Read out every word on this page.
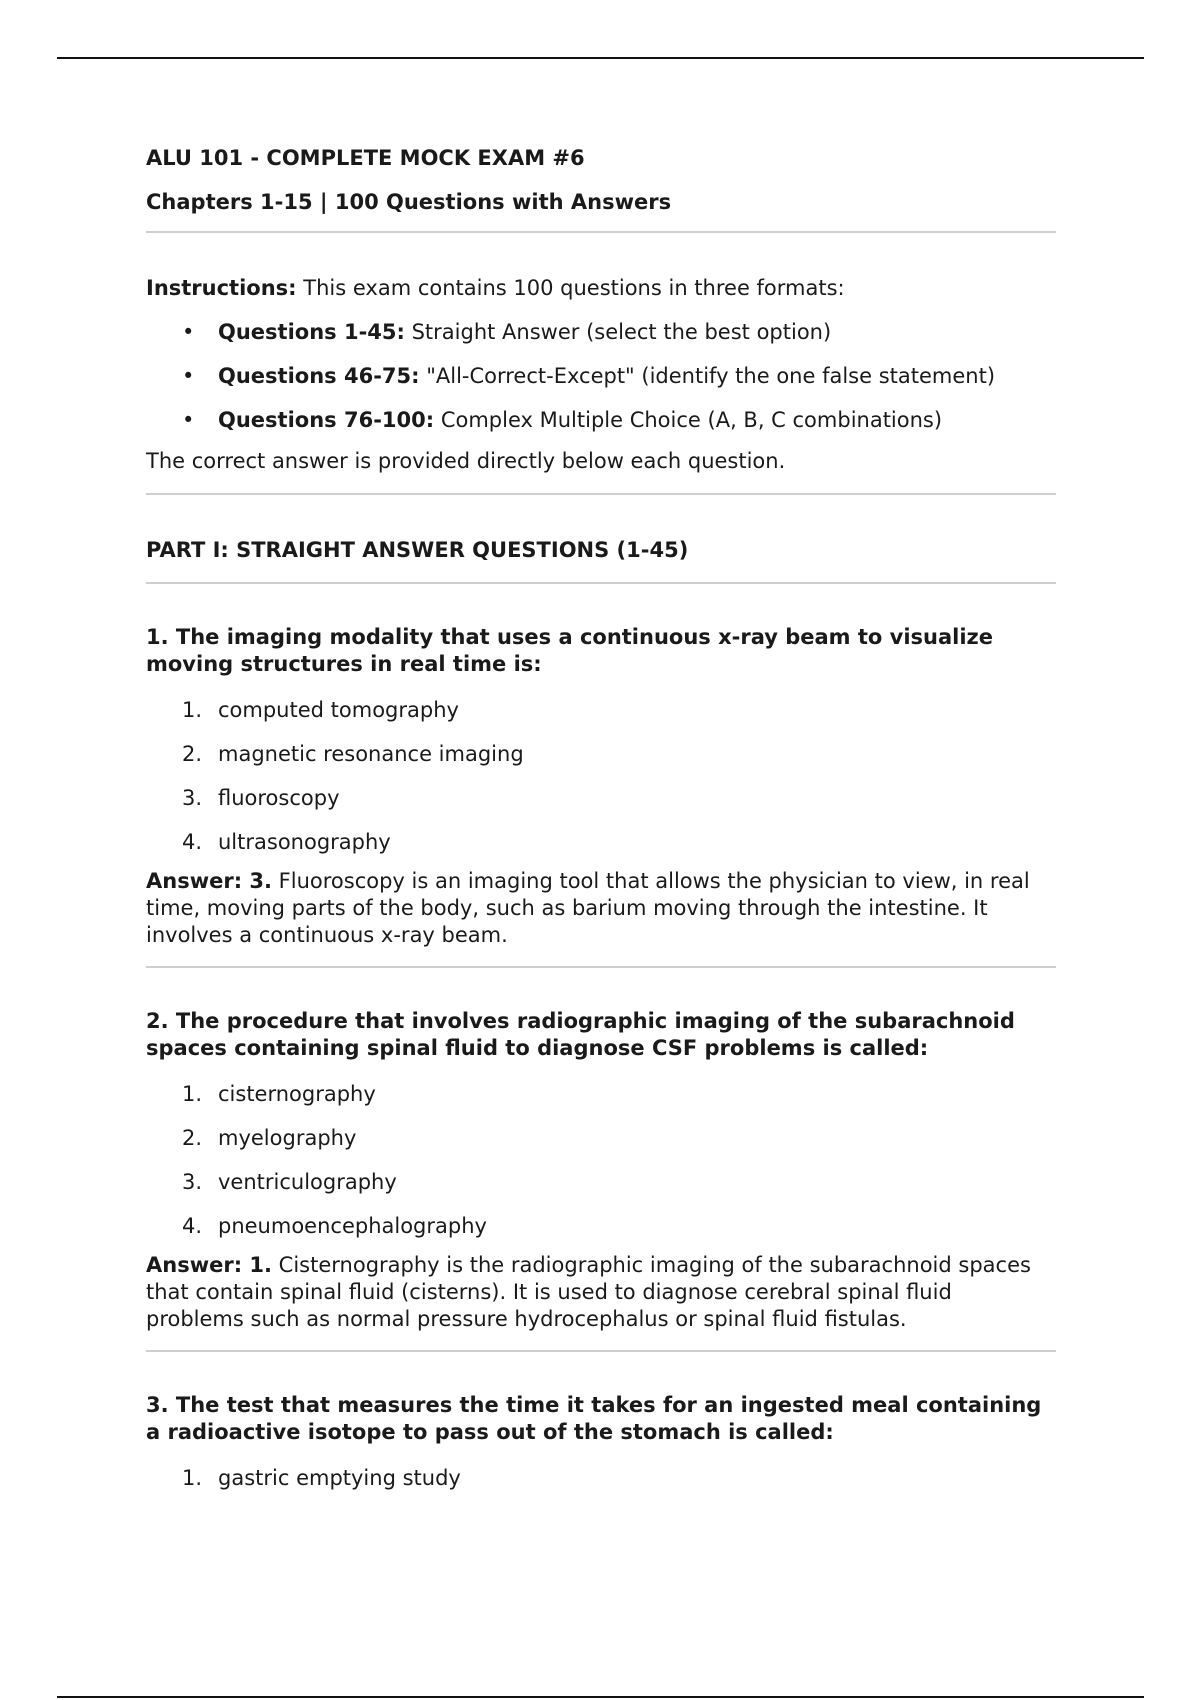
ALU 101 - COMPLETE MOCK EXAM #6

Chapters 1-15 | 100 Questions with Answers

Instructions: This exam contains 100 questions in three formats:
• Questions 1-45: Straight Answer (select the best option)
• Questions 46-75: "All-Correct-Except" (identify the one false statement)
• Questions 76-100: Complex Multiple Choice (A, B, C combinations)
The correct answer is provided directly below each question.
PART I: STRAIGHT ANSWER QUESTIONS (1-45)

1. The imaging modality that uses a continuous x-ray beam to visualize moving structures in real time is:

1. computed tomography
2. magnetic resonance imaging
3. fluoroscopy
4. ultrasonography
Answer: 3. Fluoroscopy is an imaging tool that allows the physician to view, in real time, moving parts of the body, such as barium moving through the intestine. It involves a continuous x-ray beam.

2. The procedure that involves radiographic imaging of the subarachnoid spaces containing spinal fluid to diagnose CSF problems is called:

1. cisternography
2. myelography
3. ventriculography
4. pneumoencephalography
Answer: 1. Cisternography is the radiographic imaging of the subarachnoid spaces that contain spinal fluid (cisterns). It is used to diagnose cerebral spinal fluid problems such as normal pressure hydrocephalus or spinal fluid fistulas.

3. The test that measures the time it takes for an ingested meal containing a radioactive isotope to pass out of the stomach is called:

1. gastric emptying study
